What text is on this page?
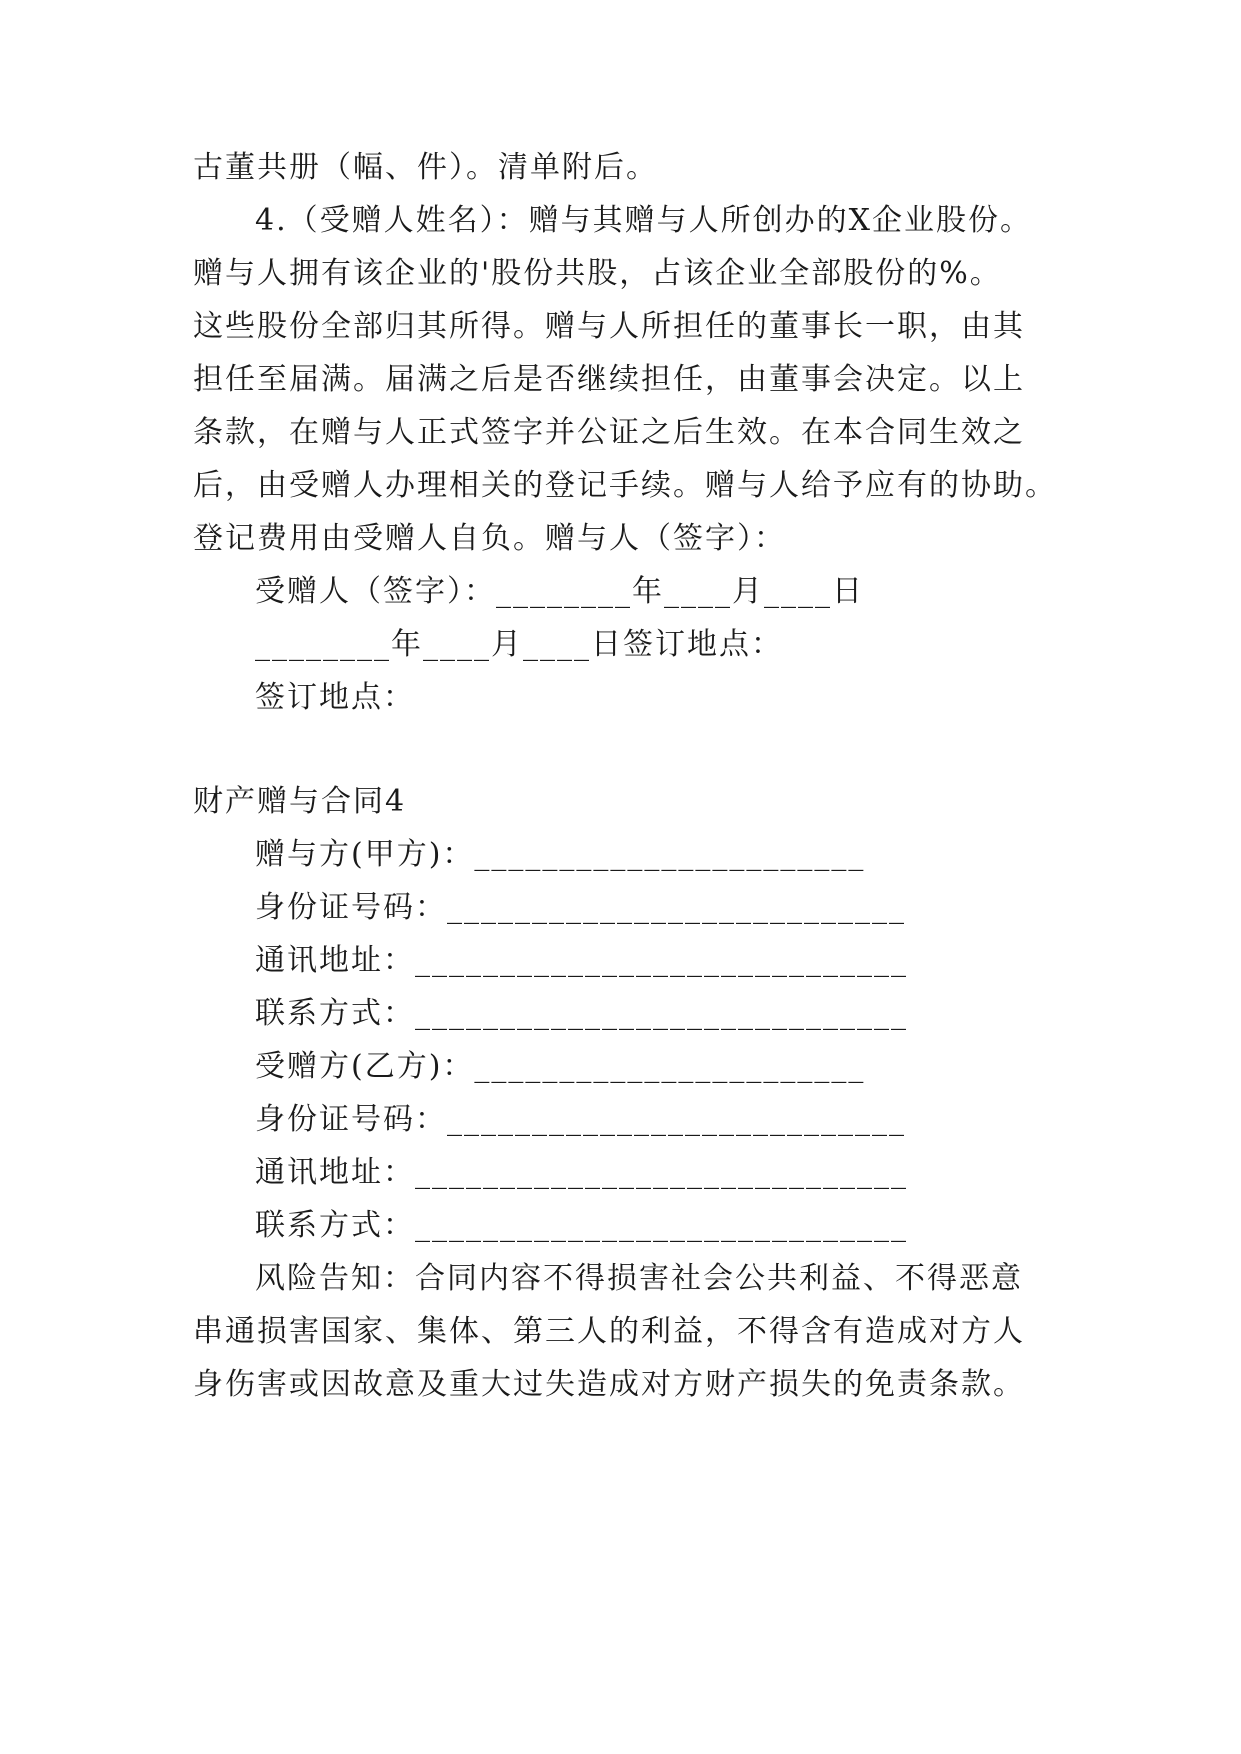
古董共册（幅、件）。清单附后。
4.（受赠人姓名）：赠与其赠与人所创办的X企业股份。
赠与人拥有该企业的'股份共股，占该企业全部股份的%。
这些股份全部归其所得。赠与人所担任的董事长一职，由其
担任至届满。届满之后是否继续担任，由董事会决定。以上
条款，在赠与人正式签字并公证之后生效。在本合同生效之
后，由受赠人办理相关的登记手续。赠与人给予应有的协助。
登记费用由受赠人自负。赠与人（签字）：
受赠人（签字）：________年____月____日
________年____月____日签订地点：
签订地点：
财产赠与合同4
赠与方(甲方)：_______________________
身份证号码：___________________________
通讯地址：_____________________________
联系方式：_____________________________
受赠方(乙方)：_______________________
身份证号码：___________________________
通讯地址：_____________________________
联系方式：_____________________________
风险告知：合同内容不得损害社会公共利益、不得恶意
串通损害国家、集体、第三人的利益，不得含有造成对方人
身伤害或因故意及重大过失造成对方财产损失的免责条款。
